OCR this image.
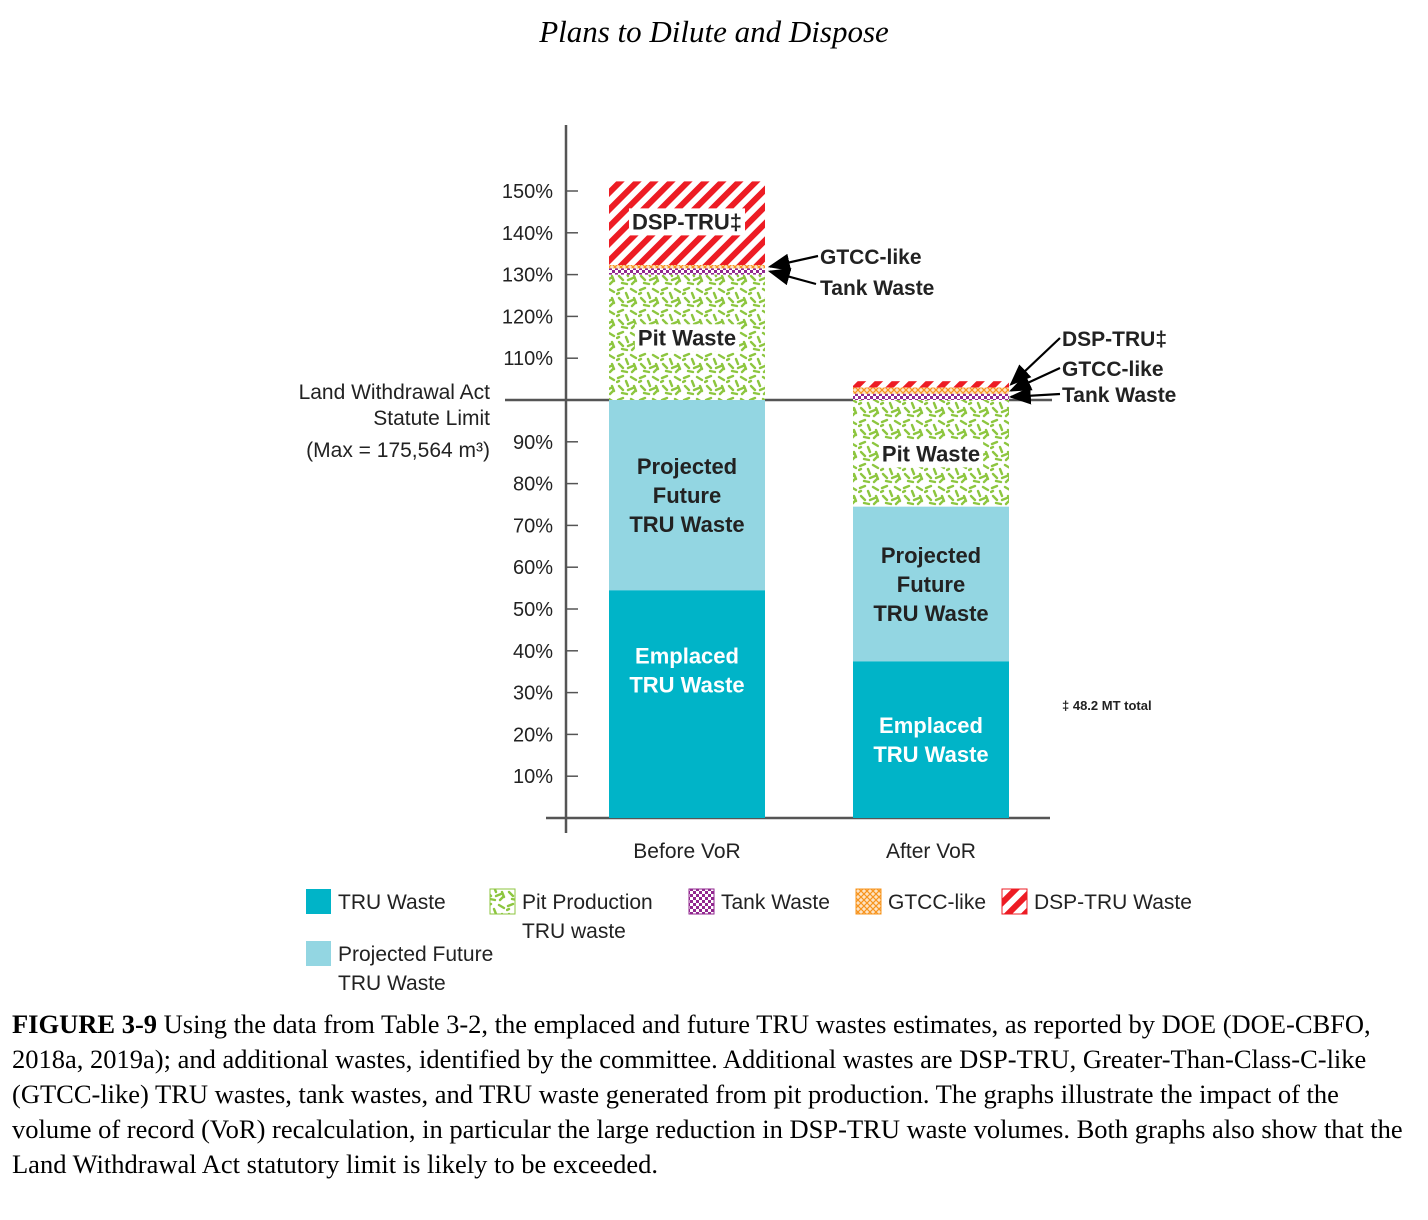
Plans to Dilute and Dispose
10%
20%
30%
40%
50%
60%
70%
80%
90%
110%
120%
130%
140%
150%
Before VoR	After VoR
Land Withdrawal Act
Statute Limit
(Max = 175,564 m³)
Emplaced
TRU Waste
Projected
Future
TRU Waste
Pit Waste
DSP-TRU‡
Emplaced
TRU Waste
Projected
Future
TRU Waste
Pit Waste
GTCC-like
Tank Waste
DSP-TRU‡
GTCC-like
Tank Waste
‡ 48.2 MT total
TRU Waste	Pit Production
TRU waste
Tank Waste	GTCC-like DSP-TRU Waste
Projected Future
TRU Waste
FIGURE 3-9 Using the data from Table 3-2, the emplaced and future TRU wastes estimates, as reported by DOE (DOE-CBFO, 2018a, 2019a); and additional wastes, identified by the committee. Additional wastes are DSP-TRU, Greater-Than-Class-C-like (GTCC-like) TRU wastes, tank wastes, and TRU waste generated from pit production. The graphs illustrate the impact of the volume of record (VoR) recalculation, in particular the large reduction in DSP-TRU waste volumes. Both graphs also show that the Land Withdrawal Act statutory limit is likely to be exceeded.
